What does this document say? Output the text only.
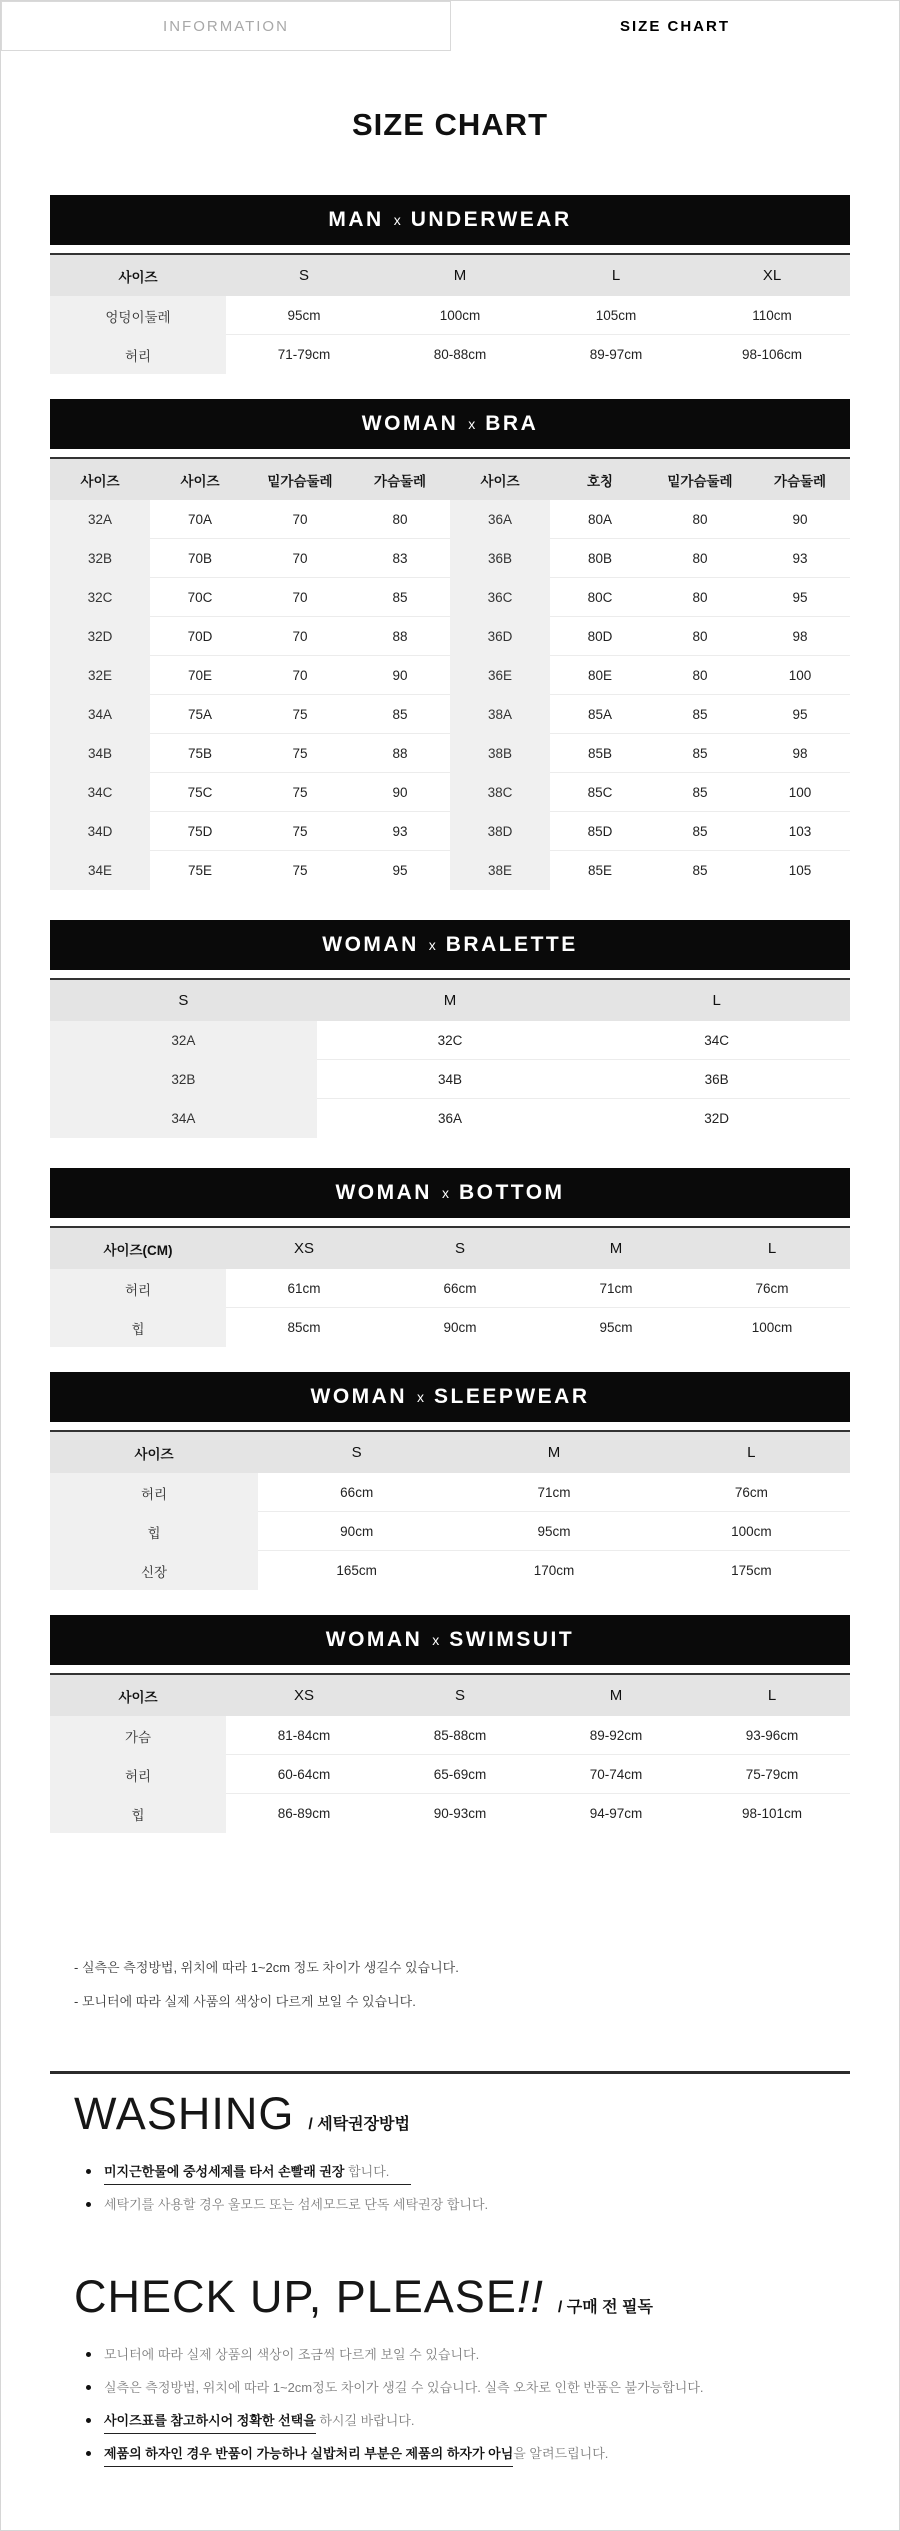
INFORMATION	SIZE CHART
SIZE CHART
MAN x UNDERWEAR
사이즈	S	M	L	XL
엉덩이둘레	95cm	100cm	105cm	110cm
허리	71-79cm	80-88cm	89-97cm	98-106cm
WOMAN x BRA
사이즈	사이즈	밑가슴둘레	가슴둘레	사이즈	호칭	밑가슴둘레	가슴둘레
32A	70A	70	80	36A	80A	80	90
32B	70B	70	83	36B	80B	80	93
32C	70C	70	85	36C	80C	80	95
32D	70D	70	88	36D	80D	80	98
32E	70E	70	90	36E	80E	80	100
34A	75A	75	85	38A	85A	85	95
34B	75B	75	88	38B	85B	85	98
34C	75C	75	90	38C	85C	85	100
34D	75D	75	93	38D	85D	85	103
34E	75E	75	95	38E	85E	85	105
WOMAN x BRALETTE
S	M	L
32A	32C	34C
32B	34B	36B
34A	36A	32D
WOMAN x BOTTOM
사이즈(CM)	XS	S	M	L
허리	61cm	66cm	71cm	76cm
힙	85cm	90cm	95cm	100cm
WOMAN x SLEEPWEAR
사이즈	S	M	L
허리	66cm	71cm	76cm
힙	90cm	95cm	100cm
신장	165cm	170cm	175cm
WOMAN x SWIMSUIT
사이즈	XS	S	M	L
가슴	81-84cm	85-88cm	89-92cm	93-96cm
허리	60-64cm	65-69cm	70-74cm	75-79cm
힙	86-89cm	90-93cm	94-97cm	98-101cm
- 실측은 측정방법, 위치에 따라 1~2cm 정도 차이가 생길수 있습니다.
- 모니터에 따라 실제 사품의 색상이 다르게 보일 수 있습니다.
WASHING / 세탁권장방법
미지근한물에 중성세제를 타서 손빨래 권장 합니다.
세탁기를 사용할 경우 울모드 또는 섬세모드로 단독 세탁권장 합니다.
CHECK UP, PLEASE!! / 구매 전 필독
모니터에 따라 실제 상품의 색상이 조금씩 다르게 보일 수 있습니다.
실측은 측정방법, 위치에 따라 1~2cm정도 차이가 생길 수 있습니다. 실측 오차로 인한 반품은 불가능합니다.
사이즈표를 참고하시어 정확한 선택을 하시길 바랍니다.
제품의 하자인 경우 반품이 가능하나 실밥처리 부분은 제품의 하자가 아님을 알려드립니다.
